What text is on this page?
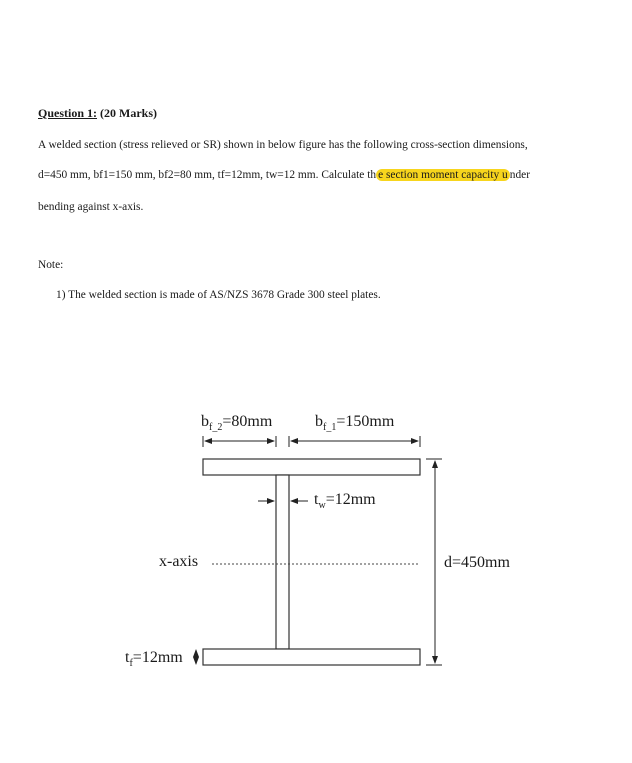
Question 1: (20 Marks)
A welded section (stress relieved or SR) shown in below figure has the following cross-section dimensions,
d=450 mm, bf1=150 mm, bf2=80 mm, tf=12mm, tw=12 mm. Calculate th e section moment capacity u nder
bending against x-axis.
Note:
1) The welded section is made of AS/NZS 3678 Grade 300 steel plates.
$b_{f\_2}=80mm$	$b_{f\_1}=150mm$
$t_w=12mm$
x-axis	d=450mm
$t_f=12mm$
